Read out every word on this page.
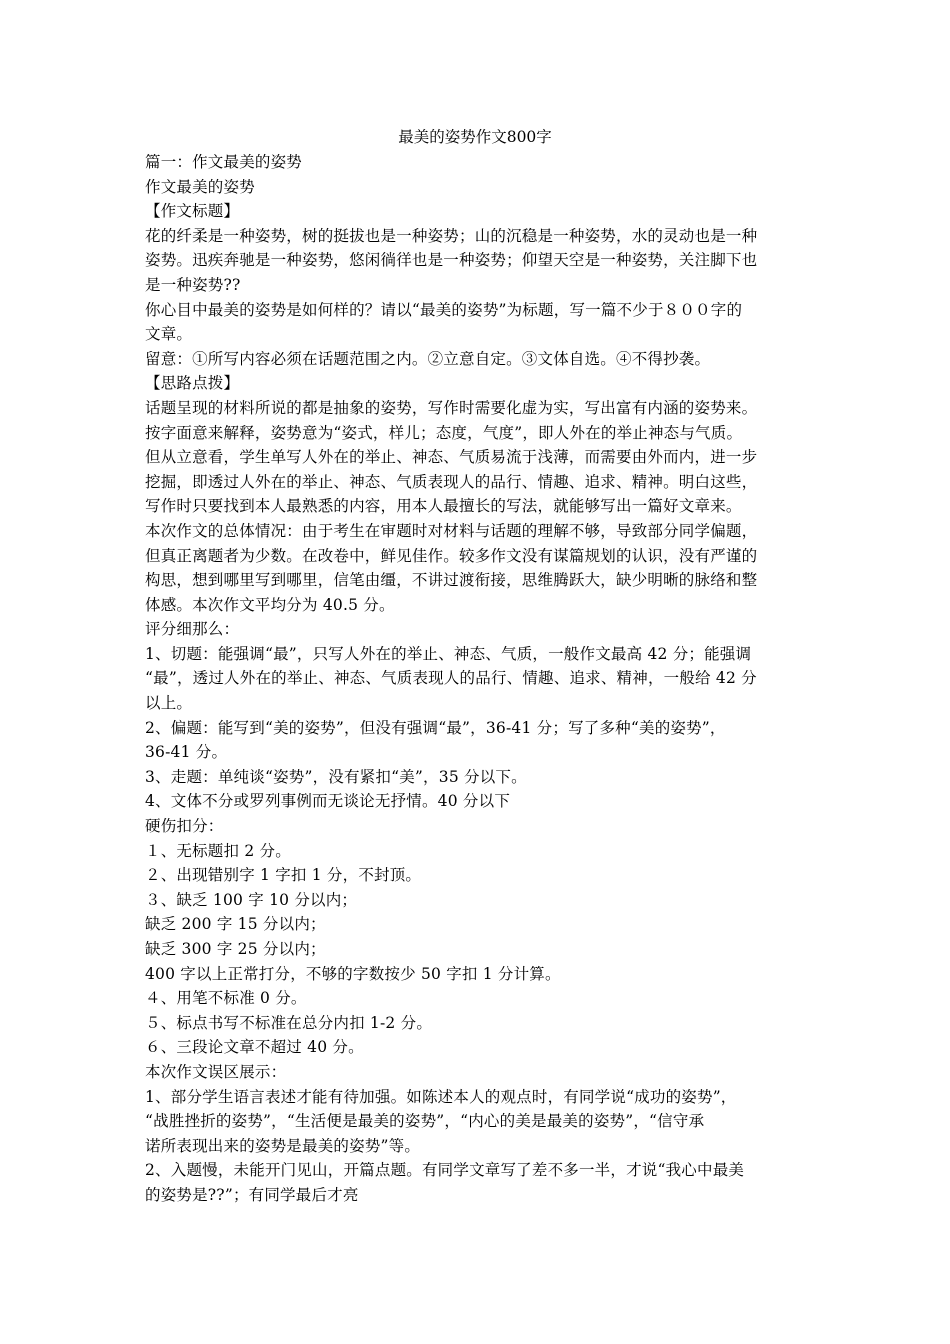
最美的姿势作文800字
篇一：作文最美的姿势
作文最美的姿势
【作文标题】
花的纤柔是一种姿势，树的挺拔也是一种姿势；山的沉稳是一种姿势，水的灵动也是一种
姿势。迅疾奔驰是一种姿势，悠闲徜徉也是一种姿势；仰望天空是一种姿势，关注脚下也
是一种姿势??
你心目中最美的姿势是如何样的？请以“最美的姿势”为标题，写一篇不少于８００字的
文章。
留意：①所写内容必须在话题范围之内。②立意自定。③文体自选。④不得抄袭。
【思路点拨】
话题呈现的材料所说的都是抽象的姿势，写作时需要化虚为实，写出富有内涵的姿势来。
按字面意来解释，姿势意为“姿式，样儿；态度，气度”，即人外在的举止神态与气质。
但从立意看，学生单写人外在的举止、神态、气质易流于浅薄，而需要由外而内，进一步
挖掘，即透过人外在的举止、神态、气质表现人的品行、情趣、追求、精神。明白这些，
写作时只要找到本人最熟悉的内容，用本人最擅长的写法，就能够写出一篇好文章来。
本次作文的总体情况：由于考生在审题时对材料与话题的理解不够，导致部分同学偏题，
但真正离题者为少数。在改卷中，鲜见佳作。较多作文没有谋篇规划的认识，没有严谨的
构思，想到哪里写到哪里，信笔由缰，不讲过渡衔接，思维腾跃大，缺少明晰的脉络和整
体感。本次作文平均分为 40.5 分。
评分细那么：
1、切题：能强调“最”，只写人外在的举止、神态、气质，一般作文最高 42 分；能强调
“最”，透过人外在的举止、神态、气质表现人的品行、情趣、追求、精神，一般给 42 分
以上。
2、偏题：能写到“美的姿势”，但没有强调“最”，36-41 分；写了多种“美的姿势”，
36-41 分。
3、走题：单纯谈“姿势”，没有紧扣“美”，35 分以下。
4、文体不分或罗列事例而无谈论无抒情。40 分以下
硬伤扣分：
１、无标题扣 2 分。
２、出现错别字 1 字扣 1 分，不封顶。
３、缺乏 100 字 10 分以内；
缺乏 200 字 15 分以内；
缺乏 300 字 25 分以内；
400 字以上正常打分，不够的字数按少 50 字扣 1 分计算。
４、用笔不标准 0 分。
５、标点书写不标准在总分内扣 1-2 分。
６、三段论文章不超过 40 分。
本次作文误区展示：
1、部分学生语言表述才能有待加强。如陈述本人的观点时，有同学说“成功的姿势”，
“战胜挫折的姿势”，“生活便是最美的姿势”，“内心的美是最美的姿势”，“信守承
诺所表现出来的姿势是最美的姿势”等。
2、入题慢，未能开门见山，开篇点题。有同学文章写了差不多一半，才说“我心中最美
的姿势是??”；有同学最后才亮
